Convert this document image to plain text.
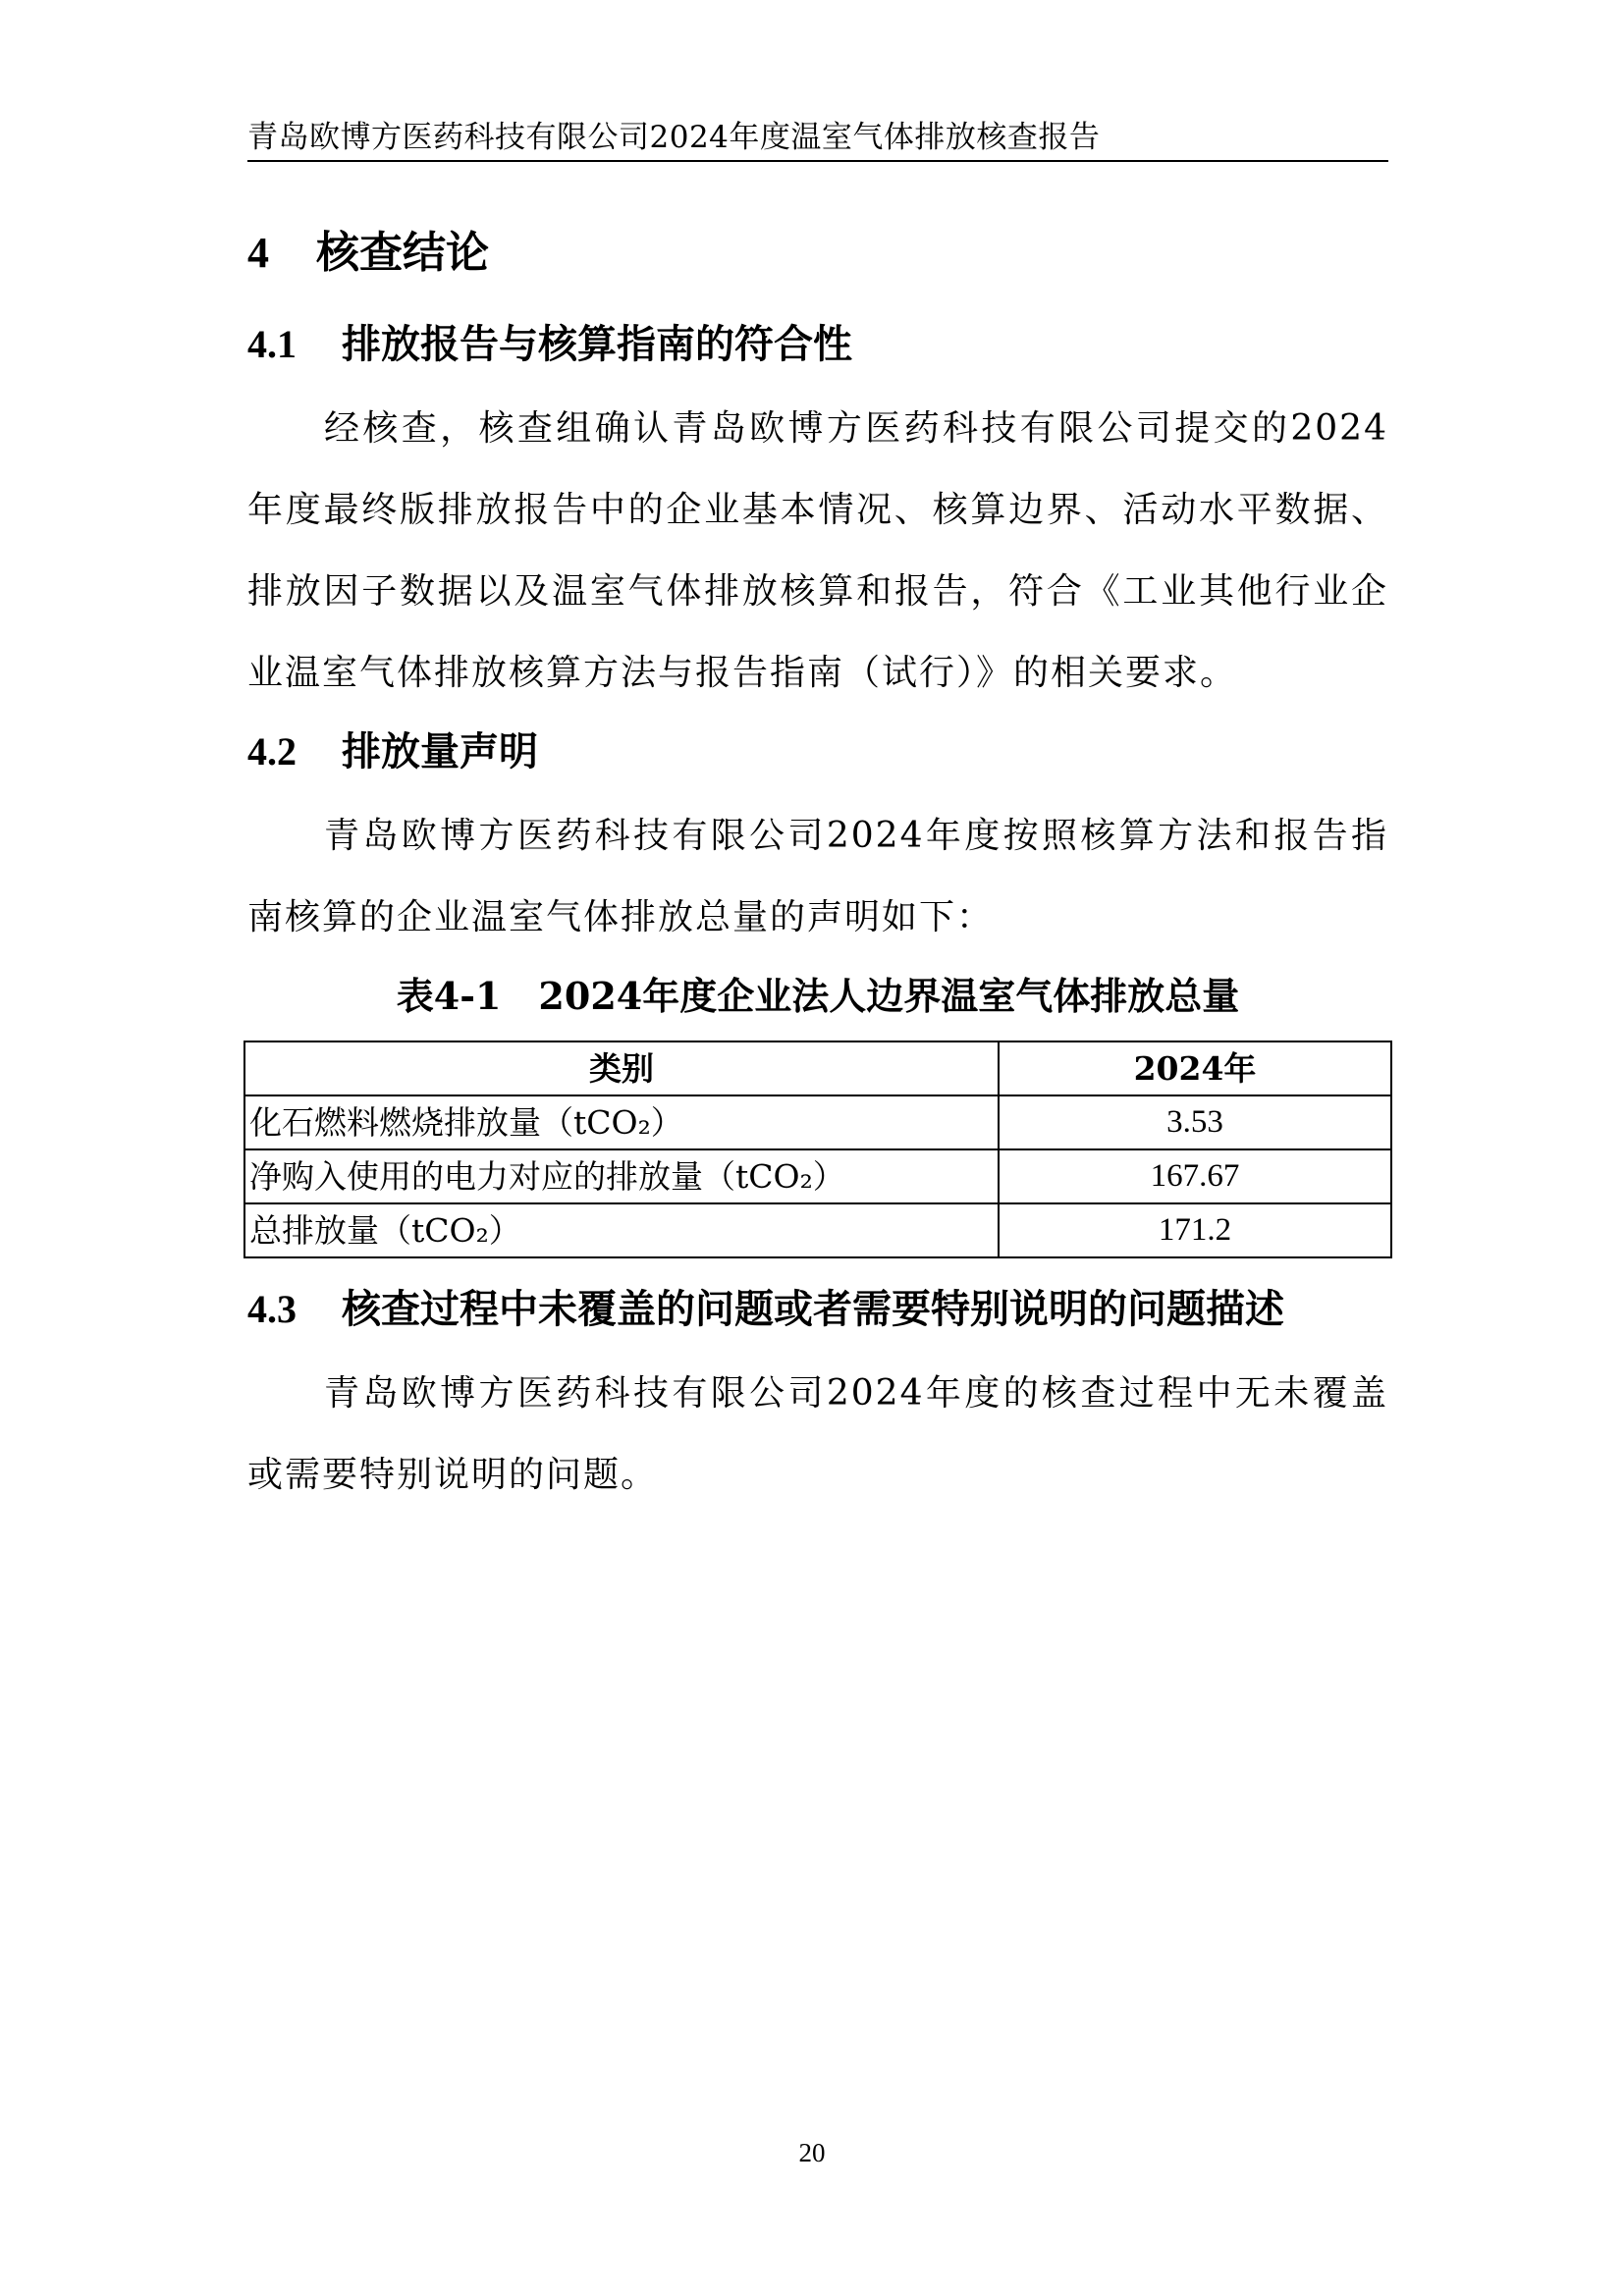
青岛欧博方医药科技有限公司2024年度温室气体排放核查报告
4 核查结论
4.1 排放报告与核算指南的符合性
经核查，核查组确认青岛欧博方医药科技有限公司提交的2024年度最终版排放报告中的企业基本情况、核算边界、活动水平数据、排放因子数据以及温室气体排放核算和报告，符合《工业其他行业企业温室气体排放核算方法与报告指南（试行）》的相关要求。
4.2 排放量声明
青岛欧博方医药科技有限公司2024年度按照核算方法和报告指南核算的企业温室气体排放总量的声明如下：
表4-1　2024年度企业法人边界温室气体排放总量
类别	2024年
化石燃料燃烧排放量（tCO₂）	3.53
净购入使用的电力对应的排放量（tCO₂）	167.67
总排放量（tCO₂）	171.2
4.3 核查过程中未覆盖的问题或者需要特别说明的问题描述
青岛欧博方医药科技有限公司2024年度的核查过程中无未覆盖或需要特别说明的问题。
20
